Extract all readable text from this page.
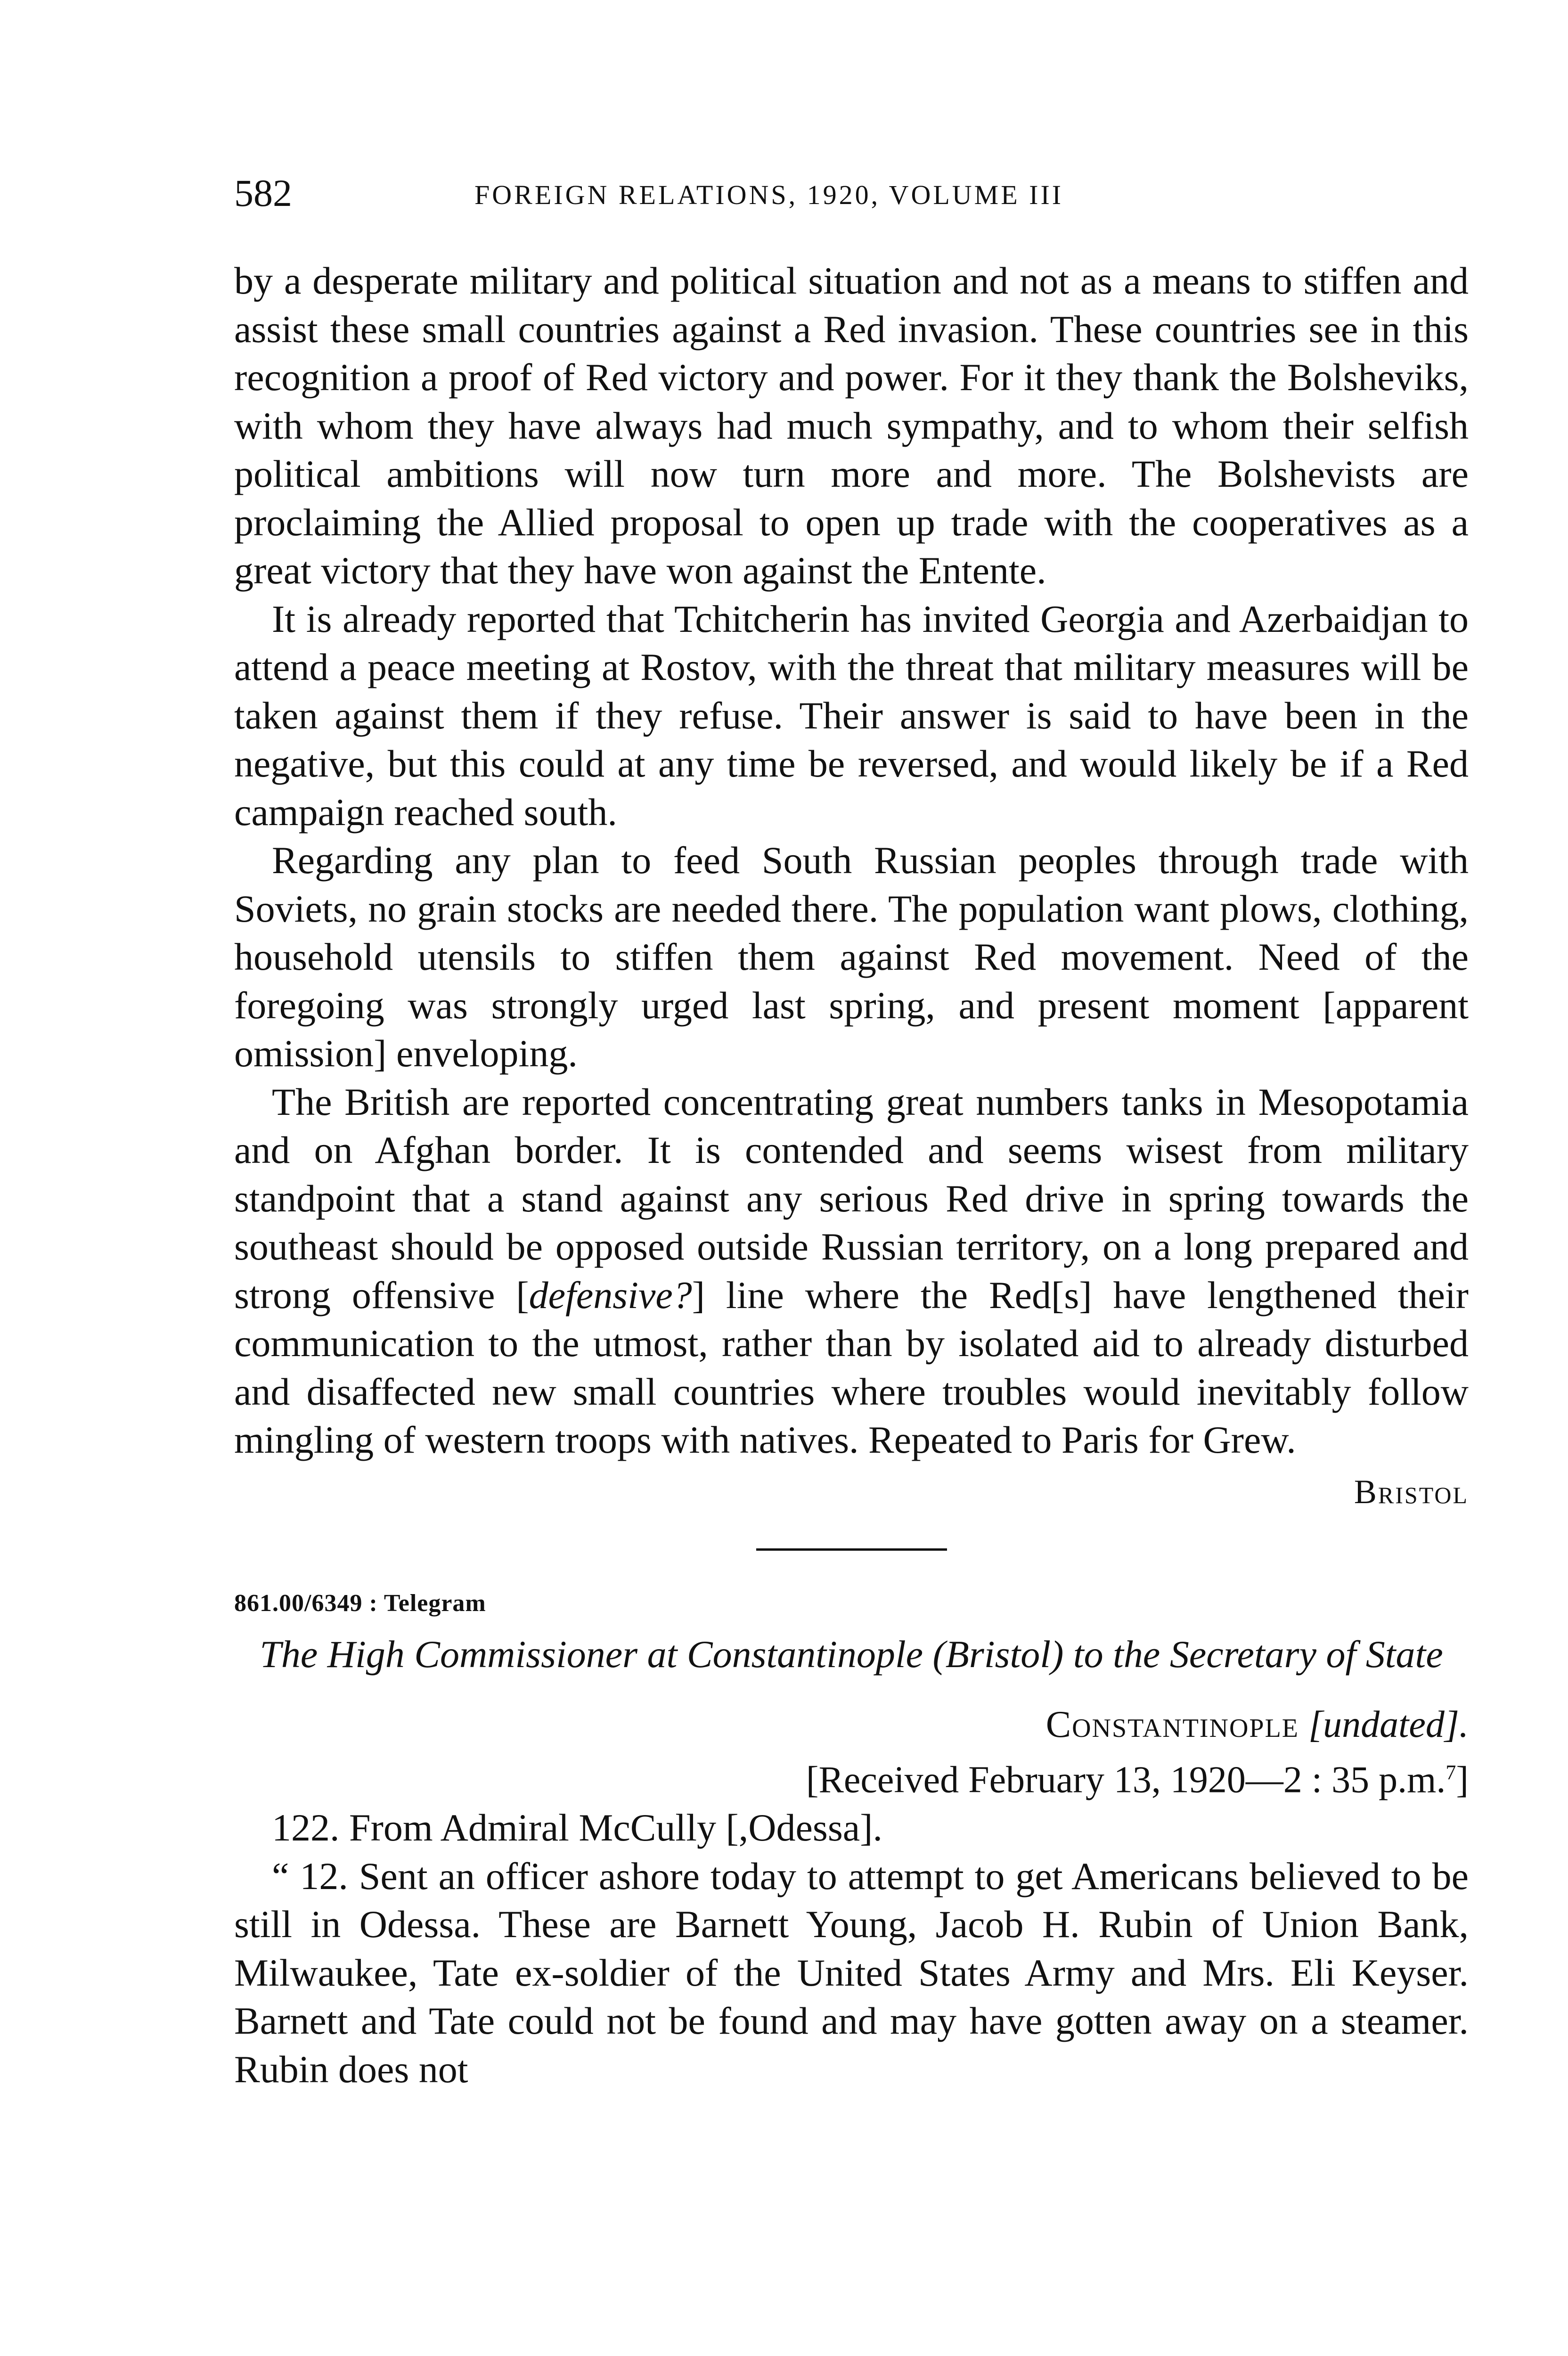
582	FOREIGN RELATIONS, 1920, VOLUME III

by a desperate military and political situation and not as a means to stiffen and assist these small countries against a Red invasion. These countries see in this recognition a proof of Red victory and power. For it they thank the Bolsheviks, with whom they have always had much sympathy, and to whom their selfish political ambitions will now turn more and more. The Bolshevists are proclaiming the Allied proposal to open up trade with the cooperatives as a great victory that they have won against the Entente.

It is already reported that Tchitcherin has invited Georgia and Azerbaidjan to attend a peace meeting at Rostov, with the threat that military measures will be taken against them if they refuse. Their answer is said to have been in the negative, but this could at any time be reversed, and would likely be if a Red campaign reached south.

Regarding any plan to feed South Russian peoples through trade with Soviets, no grain stocks are needed there. The population want plows, clothing, household utensils to stiffen them against Red movement. Need of the foregoing was strongly urged last spring, and present moment [apparent omission] enveloping.

The British are reported concentrating great numbers tanks in Mesopotamia and on Afghan border. It is contended and seems wisest from military standpoint that a stand against any serious Red drive in spring towards the southeast should be opposed outside Russian territory, on a long prepared and strong offensive [defensive?] line where the Red[s] have lengthened their communication to the utmost, rather than by isolated aid to already disturbed and disaffected new small countries where troubles would inevitably follow mingling of western troops with natives. Repeated to Paris for Grew.

Bristol
861.00/6349 : Telegram
The High Commissioner at Constantinople (Bristol) to the Secretary of State
Constantinople [undated].
[Received February 13, 1920—2 : 35 p.m.$^7$]

122. From Admiral McCully [,Odessa].

“ 12. Sent an officer ashore today to attempt to get Americans believed to be still in Odessa. These are Barnett Young, Jacob H. Rubin of Union Bank, Milwaukee, Tate ex-soldier of the United States Army and Mrs. Eli Keyser. Barnett and Tate could not be found and may have gotten away on a steamer. Rubin does not
